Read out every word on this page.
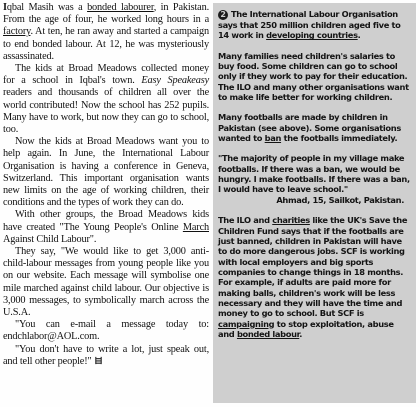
Iqbal Masih was a bonded labourer, in Pakistan. From the age of four, he worked long hours in a factory. At ten, he ran away and started a campaign to end bonded labour. At 12, he was mysteriously assassinated.

The kids at Broad Meadows collected money for a school in Iqbal's town. Easy Speakeasy readers and thousands of children all over the world contributed! Now the school has 252 pupils. Many have to work, but now they can go to school, too.

Now the kids at Broad Meadows want you to help again. In June, the International Labour Organisation is having a conference in Geneva, Switzerland. This important organisation wants new limits on the age of working children, their conditions and the types of work they can do.

With other groups, the Broad Meadows kids have created "The Young People's Online March Against Child Labour".

They say, "We would like to get 3,000 anti-child-labour messages from young people like you on our website. Each message will symbolise one mile marched against child labour. Our objective is 3,000 messages, to symbolically march across the U.S.A.

"You can e-mail a message today to: endchlabor@AOL.com.

"You don't have to write a lot, just speak out, and tell other people!"

2 The International Labour Organisation says that 250 million children aged five to 14 work in developing countries.

Many families need children's salaries to buy food. Some children can go to school only if they work to pay for their education. The ILO and many other organisations want to make life better for working children.

Many footballs are made by children in Pakistan (see above). Some organisations wanted to ban the footballs immediately.

"The majority of people in my village make footballs. If there was a ban, we would be hungry. I make footballs. If there was a ban, I would have to leave school."

Ahmad, 15, Sailkot, Pakistan.

The ILO and charities like the UK's Save the Children Fund says that if the footballs are just banned, children in Pakistan will have to do more dangerous jobs. SCF is working with local employers and big sports companies to change things in 18 months. For example, if adults are paid more for making balls, children's work will be less necessary and they will have the time and money to go to school. But SCF is campaigning to stop exploitation, abuse and bonded labour.
